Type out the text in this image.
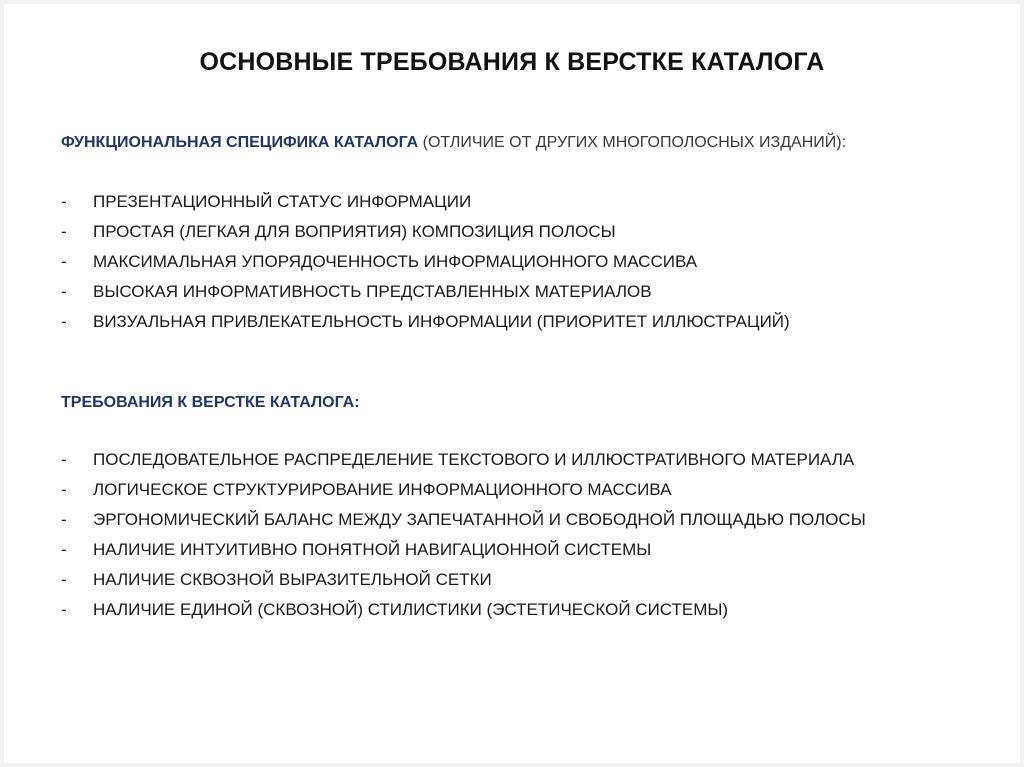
ОСНОВНЫЕ ТРЕБОВАНИЯ К ВЕРСТКЕ КАТАЛОГА

ФУНКЦИОНАЛЬНАЯ СПЕЦИФИКА КАТАЛОГА (ОТЛИЧИЕ ОТ ДРУГИХ МНОГОПОЛОСНЫХ ИЗДАНИЙ):

- ПРЕЗЕНТАЦИОННЫЙ СТАТУС ИНФОРМАЦИИ
- ПРОСТАЯ (ЛЕГКАЯ ДЛЯ ВОПРИЯТИЯ) КОМПОЗИЦИЯ ПОЛОСЫ
- МАКСИМАЛЬНАЯ УПОРЯДОЧЕННОСТЬ ИНФОРМАЦИОННОГО МАССИВА
- ВЫСОКАЯ ИНФОРМАТИВНОСТЬ ПРЕДСТАВЛЕННЫХ МАТЕРИАЛОВ
- ВИЗУАЛЬНАЯ ПРИВЛЕКАТЕЛЬНОСТЬ ИНФОРМАЦИИ (ПРИОРИТЕТ ИЛЛЮСТРАЦИЙ)

ТРЕБОВАНИЯ К ВЕРСТКЕ КАТАЛОГА:

- ПОСЛЕДОВАТЕЛЬНОЕ РАСПРЕДЕЛЕНИЕ ТЕКСТОВОГО И ИЛЛЮСТРАТИВНОГО МАТЕРИАЛА
- ЛОГИЧЕСКОЕ СТРУКТУРИРОВАНИЕ ИНФОРМАЦИОННОГО МАССИВА
- ЭРГОНОМИЧЕСКИЙ БАЛАНС МЕЖДУ ЗАПЕЧАТАННОЙ И СВОБОДНОЙ ПЛОЩАДЬЮ ПОЛОСЫ
- НАЛИЧИЕ ИНТУИТИВНО ПОНЯТНОЙ НАВИГАЦИОННОЙ СИСТЕМЫ
- НАЛИЧИЕ СКВОЗНОЙ ВЫРАЗИТЕЛЬНОЙ СЕТКИ
- НАЛИЧИЕ ЕДИНОЙ (СКВОЗНОЙ) СТИЛИСТИКИ (ЭСТЕТИЧЕСКОЙ СИСТЕМЫ)
